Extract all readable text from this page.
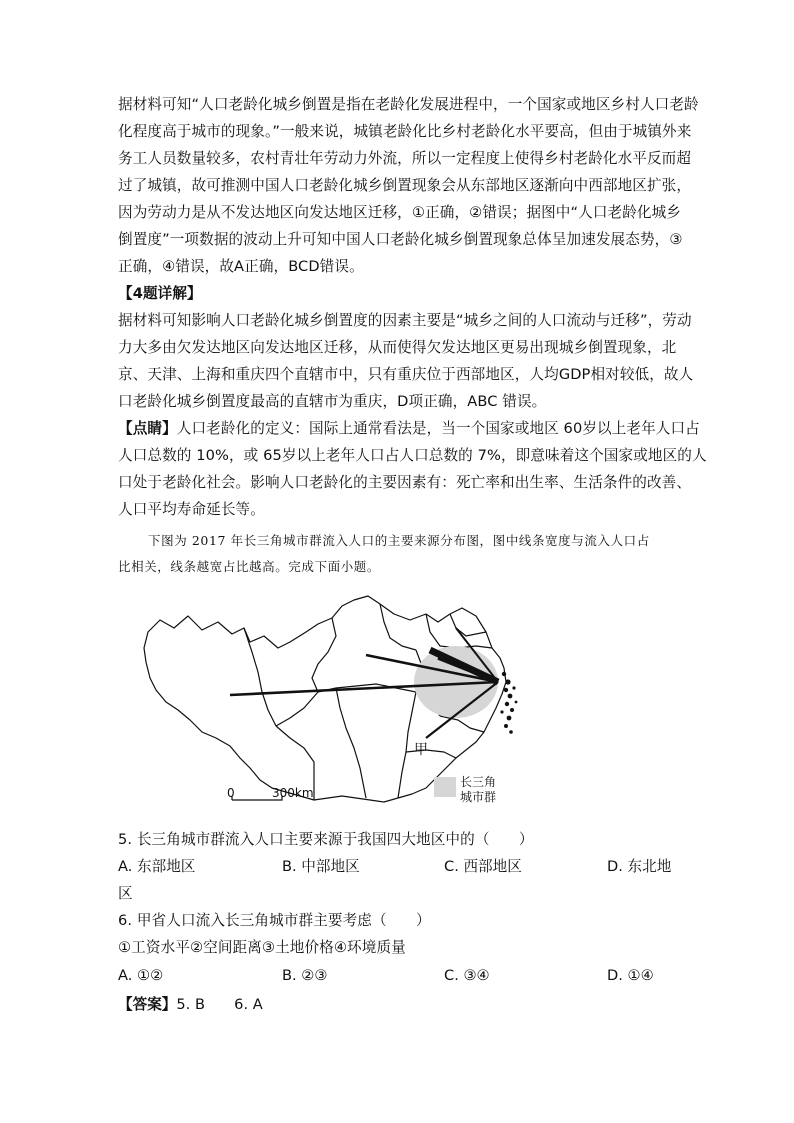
据材料可知“人口老龄化城乡倒置是指在老龄化发展进程中，一个国家或地区乡村人口老龄
化程度高于城市的现象。”一般来说，城镇老龄化比乡村老龄化水平要高，但由于城镇外来
务工人员数量较多，农村青壮年劳动力外流，所以一定程度上使得乡村老龄化水平反而超
过了城镇，故可推测中国人口老龄化城乡倒置现象会从东部地区逐渐向中西部地区扩张，
因为劳动力是从不发达地区向发达地区迁移，①正确，②错误；据图中“人口老龄化城乡
倒置度”一项数据的波动上升可知中国人口老龄化城乡倒置现象总体呈加速发展态势，③
正确，④错误，故A正确，BCD错误。
【4题详解】
据材料可知影响人口老龄化城乡倒置度的因素主要是“城乡之间的人口流动与迁移”，劳动
力大多由欠发达地区向发达地区迁移，从而使得欠发达地区更易出现城乡倒置现象，北
京、天津、上海和重庆四个直辖市中，只有重庆位于西部地区，人均GDP相对较低，故人
口老龄化城乡倒置度最高的直辖市为重庆，D项正确，ABC 错误。
【点睛】人口老龄化的定义：国际上通常看法是，当一个国家或地区 60岁以上老年人口占
人口总数的 10%，或 65岁以上老年人口占人口总数的 7%，即意味着这个国家或地区的人
口处于老龄化社会。影响人口老龄化的主要因素有：死亡率和出生率、生活条件的改善、
人口平均寿命延长等。
下图为 2017 年长三角城市群流入人口的主要来源分布图，图中线条宽度与流入人口占
比相关，线条越宽占比越高。完成下面小题。
甲
0	300km
长三角
城市群
5. 长三角城市群流入人口主要来源于我国四大地区中的（　　）
A. 东部地区	B. 中部地区	C. 西部地区	D. 东北地
区
6. 甲省人口流入长三角城市群主要考虑（　　）
①工资水平②空间距离③土地价格④环境质量
A. ①②	B. ②③	C. ③④	D. ①④
【答案】5. B　　6. A
